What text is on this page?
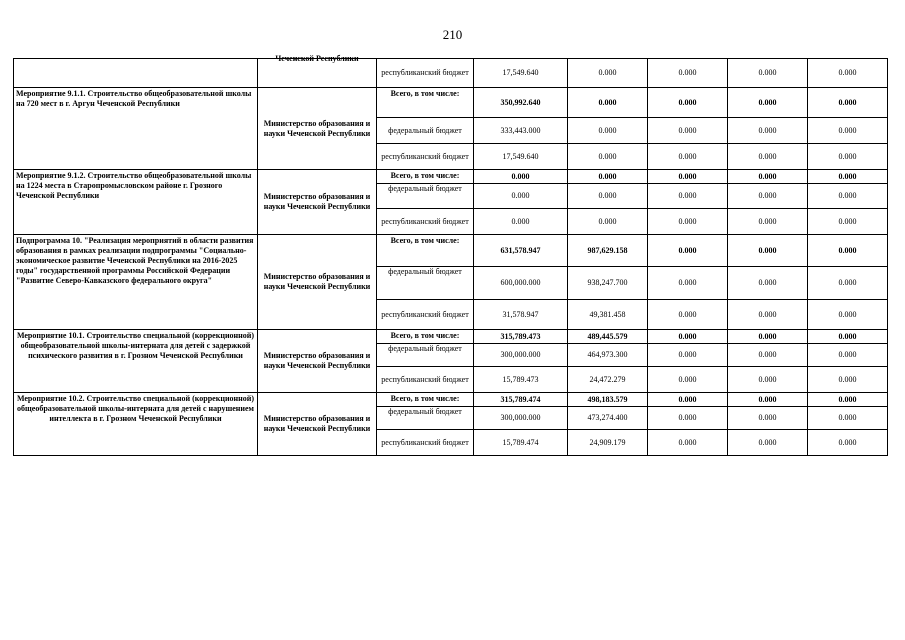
210

	Чеченской Республики	республиканский бюджет	17,549.640	0.000	0.000	0.000	0.000
Мероприятие 9.1.1. Строительство общеобразовательной школы на 720 мест в г. Аргун Чеченской Республики	Министерство образования и науки Чеченской Республики	Всего, в том числе:	350,992.640	0.000	0.000	0.000	0.000
		федеральный бюджет	333,443.000	0.000	0.000	0.000	0.000
		республиканский бюджет	17,549.640	0.000	0.000	0.000	0.000
Мероприятие 9.1.2. Строительство общеобразовательной школы на 1224 места в Старопромысловском районе г. Грозного Чеченской Республики	Министерство образования и науки Чеченской Республики	Всего, в том числе:	0.000	0.000	0.000	0.000	0.000
		федеральный бюджет	0.000	0.000	0.000	0.000	0.000
		республиканский бюджет	0.000	0.000	0.000	0.000	0.000
Подпрограмма 10. "Реализация мероприятий в области развития образования в рамках реализации подпрограммы "Социально-экономическое развитие Чеченской Республики на 2016-2025 годы" государственной программы Российской Федерации "Развитие Северо-Кавказского федерального округа"	Министерство образования и науки Чеченской Республики	Всего, в том числе:	631,578.947	987,629.158	0.000	0.000	0.000
		федеральный бюджет	600,000.000	938,247.700	0.000	0.000	0.000
		республиканский бюджет	31,578.947	49,381.458	0.000	0.000	0.000
Мероприятие 10.1. Строительство специальной (коррекционной) общеобразовательной школы-интерната для детей с задержкой психического развития в г. Грозном Чеченской Республики	Министерство образования и науки Чеченской Республики	Всего, в том числе:	315,789.473	489,445.579	0.000	0.000	0.000
		федеральный бюджет	300,000.000	464,973.300	0.000	0.000	0.000
		республиканский бюджет	15,789.473	24,472.279	0.000	0.000	0.000
Мероприятие 10.2. Строительство специальной (коррекционной) общеобразовательной школы-интерната для детей с нарушением интеллекта в г. Грозном Чеченской Республики	Министерство образования и науки Чеченской Республики	Всего, в том числе:	315,789.474	498,183.579	0.000	0.000	0.000
		федеральный бюджет	300,000.000	473,274.400	0.000	0.000	0.000
		республиканский бюджет	15,789.474	24,909.179	0.000	0.000	0.000
